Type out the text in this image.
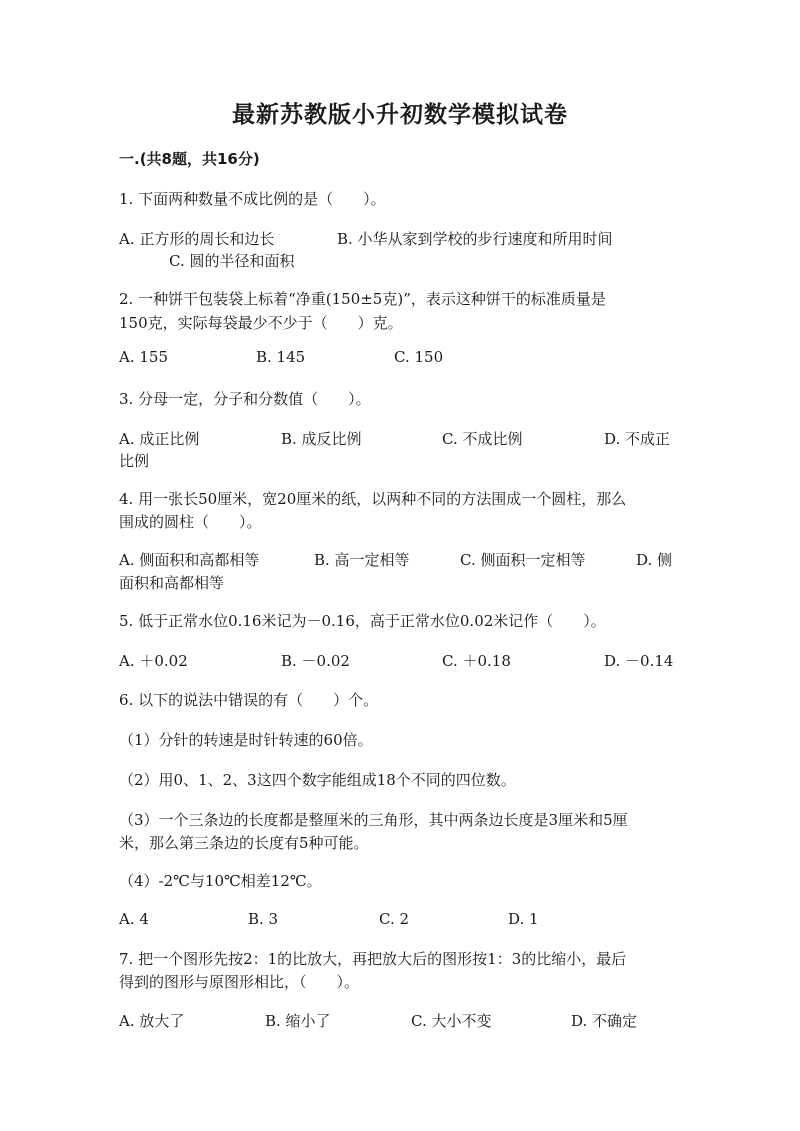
最新苏教版小升初数学模拟试卷
一.(共8题，共16分)
1. 下面两种数量不成比例的是（　　）。
A. 正方形的周长和边长	B. 小华从家到学校的步行速度和所用时间
C. 圆的半径和面积
2. 一种饼干包装袋上标着“净重(150±5克)”，表示这种饼干的标准质量是
150克，实际每袋最少不少于（　　）克。
A. 155	B. 145	C. 150
3. 分母一定，分子和分数值（　　）。
A. 成正比例	B. 成反比例	C. 不成比例	D. 不成正
比例
4. 用一张长50厘米，宽20厘米的纸，以两种不同的方法围成一个圆柱，那么
围成的圆柱（　　）。
A. 侧面积和高都相等	B. 高一定相等	C. 侧面积一定相等	D. 侧
面积和高都相等
5. 低于正常水位0.16米记为－0.16，高于正常水位0.02米记作（　　）。
A. ＋0.02	B. －0.02	C. ＋0.18	D. －0.14
6. 以下的说法中错误的有（　　）个。
（1）分针的转速是时针转速的60倍。
（2）用0、1、2、3这四个数字能组成18个不同的四位数。
（3）一个三条边的长度都是整厘米的三角形，其中两条边长度是3厘米和5厘
米，那么第三条边的长度有5种可能。
（4）-2℃与10℃相差12℃。
A. 4	B. 3	C. 2	D. 1
7. 把一个图形先按2：1的比放大，再把放大后的图形按1：3的比缩小，最后
得到的图形与原图形相比，（　　）。
A. 放大了	B. 缩小了	C. 大小不变	D. 不确定
